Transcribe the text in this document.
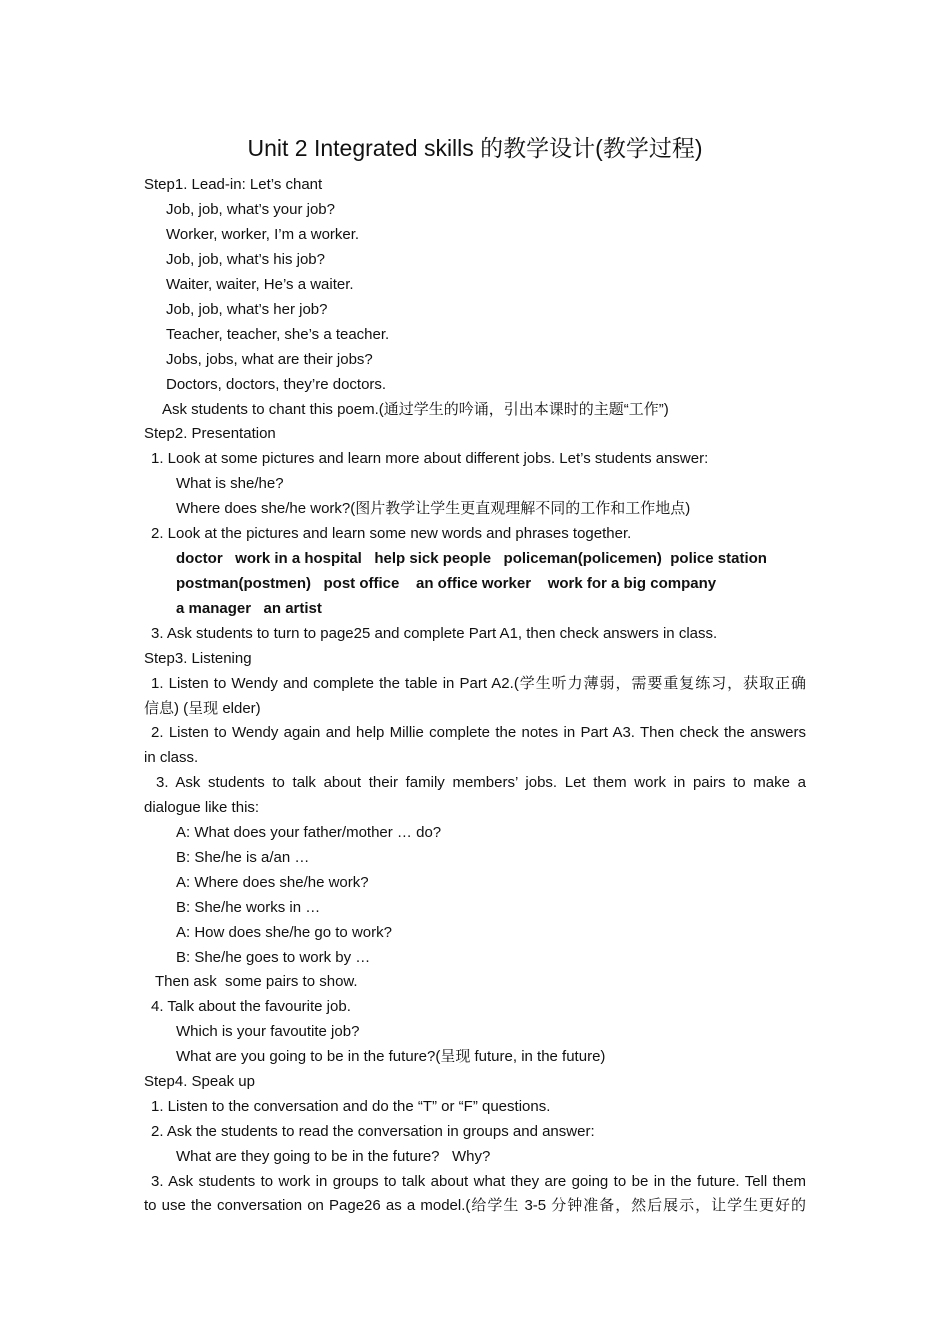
Unit 2 Integrated skills 的教学设计(教学过程)
Step1. Lead-in: Let’s chant
Job, job, what’s your job?
Worker, worker, I’m a worker.
Job, job, what’s his job?
Waiter, waiter, He’s a waiter.
Job, job, what’s her job?
Teacher, teacher, she’s a teacher.
Jobs, jobs, what are their jobs?
Doctors, doctors, they’re doctors.
Ask students to chant this poem.(通过学生的吟诵，引出本课时的主题“工作”)
Step2. Presentation
1. Look at some pictures and learn more about different jobs. Let’s students answer:
What is she/he?
Where does she/he work?(图片教学让学生更直观理解不同的工作和工作地点)
2. Look at the pictures and learn some new words and phrases together.
doctor   work in a hospital   help sick people   policeman(policemen)  police station
postman(postmen)   post office    an office worker    work for a big company
a manager   an artist
3. Ask students to turn to page25 and complete Part A1, then check answers in class.
Step3. Listening
1. Listen to Wendy and complete the table in Part A2.(学生听力薄弱，需要重复练习，获取正确
信息) (呈现 elder)
2. Listen to Wendy again and help Millie complete the notes in Part A3. Then check the answers
in class.
3. Ask students to talk about their family members’ jobs. Let them work in pairs to make a
dialogue like this:
A: What does your father/mother … do?
B: She/he is a/an …
A: Where does she/he work?
B: She/he works in …
A: How does she/he go to work?
B: She/he goes to work by …
Then ask  some pairs to show.
4. Talk about the favourite job.
Which is your favoutite job?
What are you going to be in the future?(呈现 future, in the future)
Step4. Speak up
1. Listen to the conversation and do the “T” or “F” questions.
2. Ask the students to read the conversation in groups and answer:
What are they going to be in the future?   Why?
3. Ask students to work in groups to talk about what they are going to be in the future. Tell them
to use the conversation on Page26 as a model.(给学生 3-5 分钟准备，然后展示，让学生更好的
